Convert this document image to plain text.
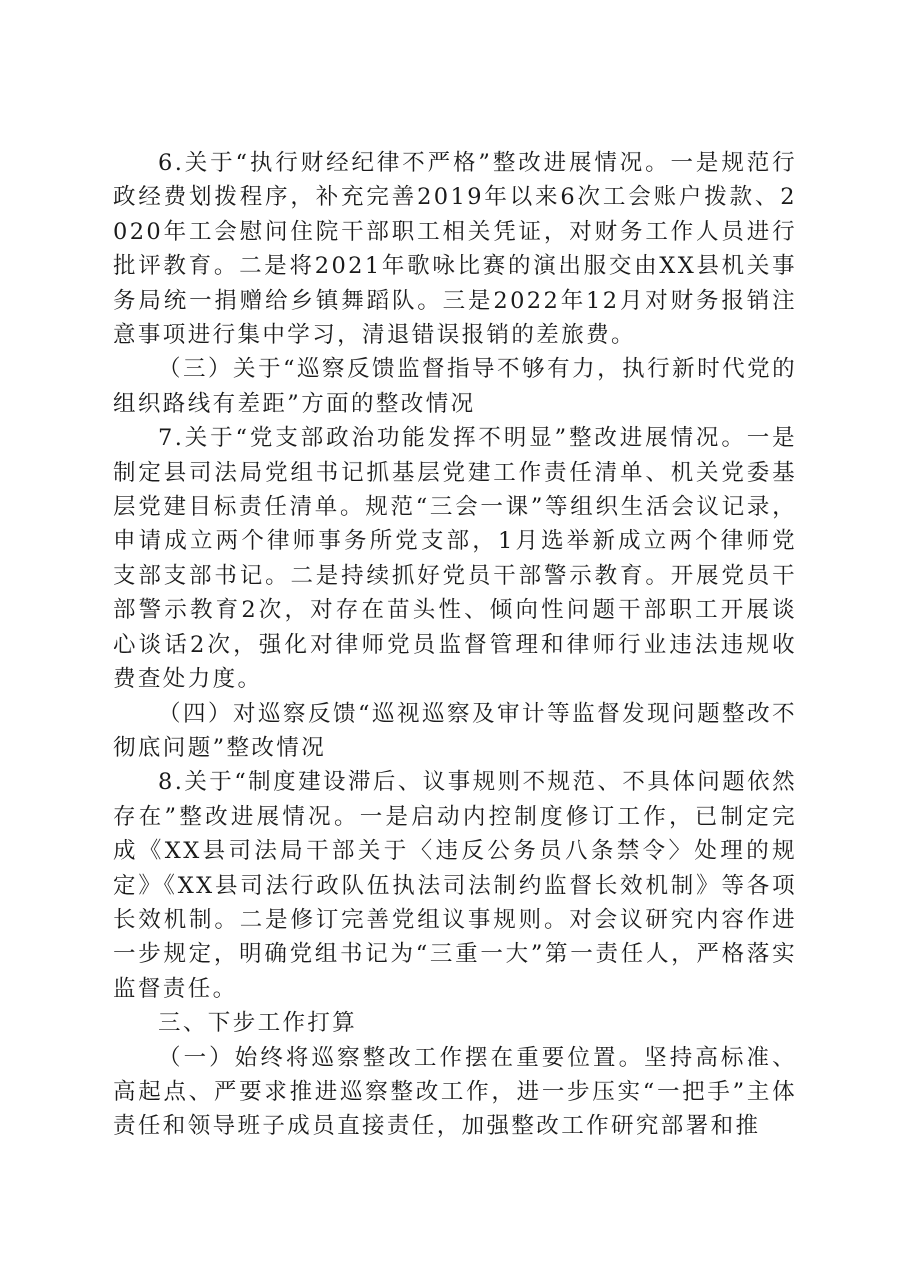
6.关于“执行财经纪律不严格”整改进展情况。一是规范行政经费划拨程序，补充完善2019年以来6次工会账户拨款、2020年工会慰问住院干部职工相关凭证，对财务工作人员进行批评教育。二是将2021年歌咏比赛的演出服交由XX县机关事务局统一捐赠给乡镇舞蹈队。三是2022年12月对财务报销注意事项进行集中学习，清退错误报销的差旅费。

（三）关于“巡察反馈监督指导不够有力，执行新时代党的组织路线有差距”方面的整改情况

7.关于“党支部政治功能发挥不明显”整改进展情况。一是制定县司法局党组书记抓基层党建工作责任清单、机关党委基层党建目标责任清单。规范“三会一课”等组织生活会议记录，申请成立两个律师事务所党支部，1月选举新成立两个律师党支部支部书记。二是持续抓好党员干部警示教育。开展党员干部警示教育2次，对存在苗头性、倾向性问题干部职工开展谈心谈话2次，强化对律师党员监督管理和律师行业违法违规收费查处力度。

（四）对巡察反馈“巡视巡察及审计等监督发现问题整改不彻底问题”整改情况

8.关于“制度建设滞后、议事规则不规范、不具体问题依然存在”整改进展情况。一是启动内控制度修订工作，已制定完成《XX县司法局干部关于〈违反公务员八条禁令〉处理的规定》《XX县司法行政队伍执法司法制约监督长效机制》等各项长效机制。二是修订完善党组议事规则。对会议研究内容作进一步规定，明确党组书记为“三重一大”第一责任人，严格落实监督责任。

三、下步工作打算

（一）始终将巡察整改工作摆在重要位置。坚持高标准、高起点、严要求推进巡察整改工作，进一步压实“一把手”主体责任和领导班子成员直接责任，加强整改工作研究部署和推
